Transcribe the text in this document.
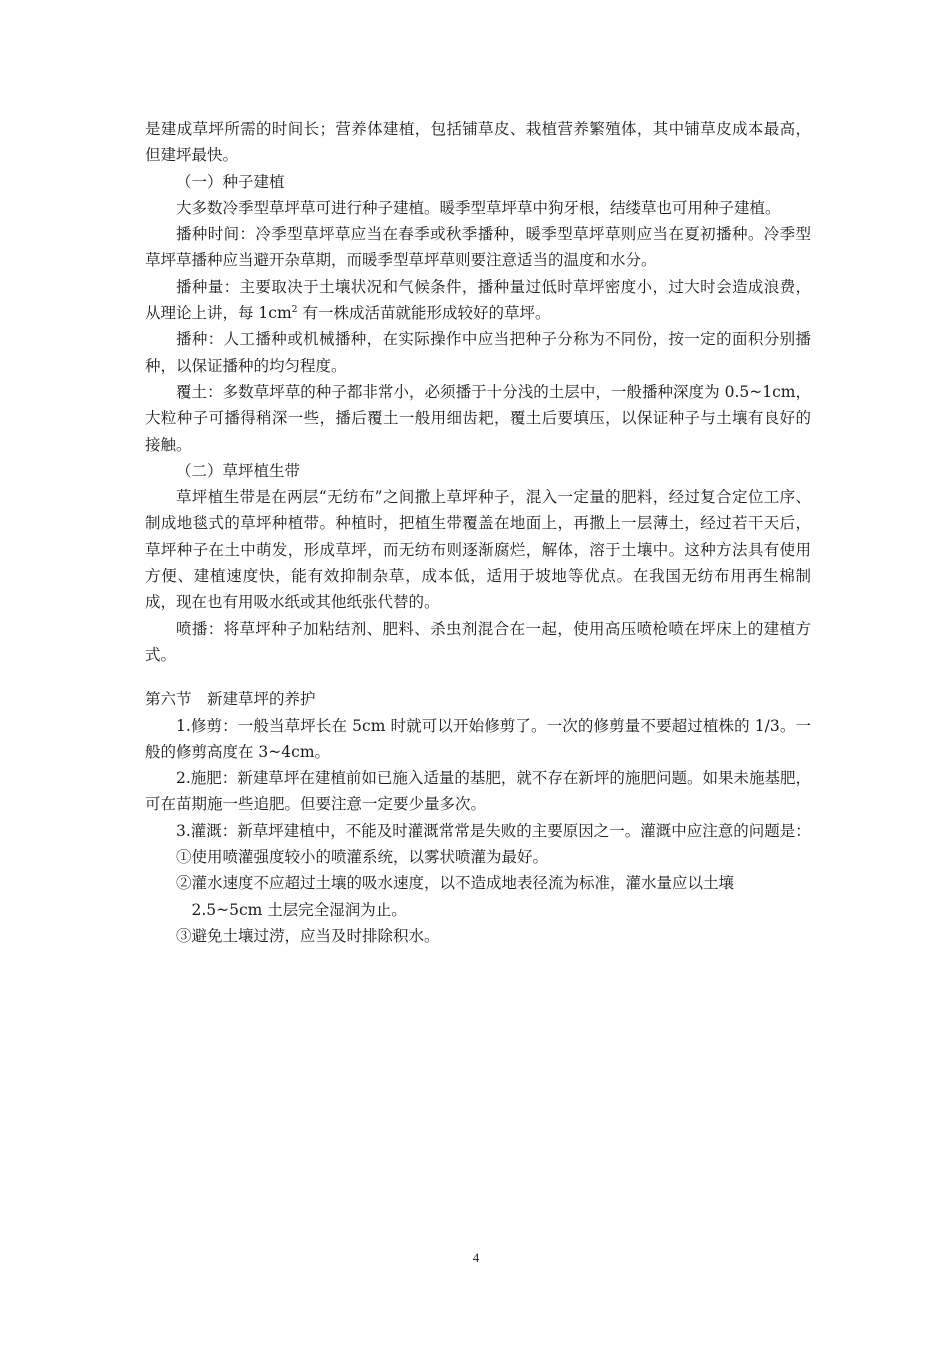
是建成草坪所需的时间长；营养体建植，包括铺草皮、栽植营养繁殖体，其中铺草皮成本最高，但建坪最快。

（一）种子建植

大多数冷季型草坪草可进行种子建植。暖季型草坪草中狗牙根，结缕草也可用种子建植。

播种时间：冷季型草坪草应当在春季或秋季播种，暖季型草坪草则应当在夏初播种。冷季型草坪草播种应当避开杂草期，而暖季型草坪草则要注意适当的温度和水分。

播种量：主要取决于土壤状况和气候条件，播种量过低时草坪密度小，过大时会造成浪费，从理论上讲，每 $1cm^2$ 有一株成活苗就能形成较好的草坪。

播种：人工播种或机械播种，在实际操作中应当把种子分称为不同份，按一定的面积分别播种，以保证播种的均匀程度。

覆土：多数草坪草的种子都非常小，必须播于十分浅的土层中，一般播种深度为 0.5~1cm，大粒种子可播得稍深一些，播后覆土一般用细齿耙，覆土后要填压，以保证种子与土壤有良好的接触。

（二）草坪植生带

草坪植生带是在两层“无纺布”之间撒上草坪种子，混入一定量的肥料，经过复合定位工序、制成地毯式的草坪种植带。种植时，把植生带覆盖在地面上，再撒上一层薄土，经过若干天后，草坪种子在土中萌发，形成草坪，而无纺布则逐渐腐烂，解体，溶于土壤中。这种方法具有使用方便、建植速度快，能有效抑制杂草，成本低，适用于坡地等优点。在我国无纺布用再生棉制成，现在也有用吸水纸或其他纸张代替的。

喷播：将草坪种子加粘结剂、肥料、杀虫剂混合在一起，使用高压喷枪喷在坪床上的建植方式。

第六节　新建草坪的养护

1.修剪：一般当草坪长在 5cm 时就可以开始修剪了。一次的修剪量不要超过植株的 1/3。一般的修剪高度在 3~4cm。

2.施肥：新建草坪在建植前如已施入适量的基肥，就不存在新坪的施肥问题。如果未施基肥，可在苗期施一些追肥。但要注意一定要少量多次。

3.灌溉：新草坪建植中，不能及时灌溉常常是失败的主要原因之一。灌溉中应注意的问题是：

①使用喷灌强度较小的喷灌系统，以雾状喷灌为最好。

②灌水速度不应超过土壤的吸水速度，以不造成地表径流为标准，灌水量应以土壤
2.5~5cm 土层完全湿润为止。

③避免土壤过涝，应当及时排除积水。

4
